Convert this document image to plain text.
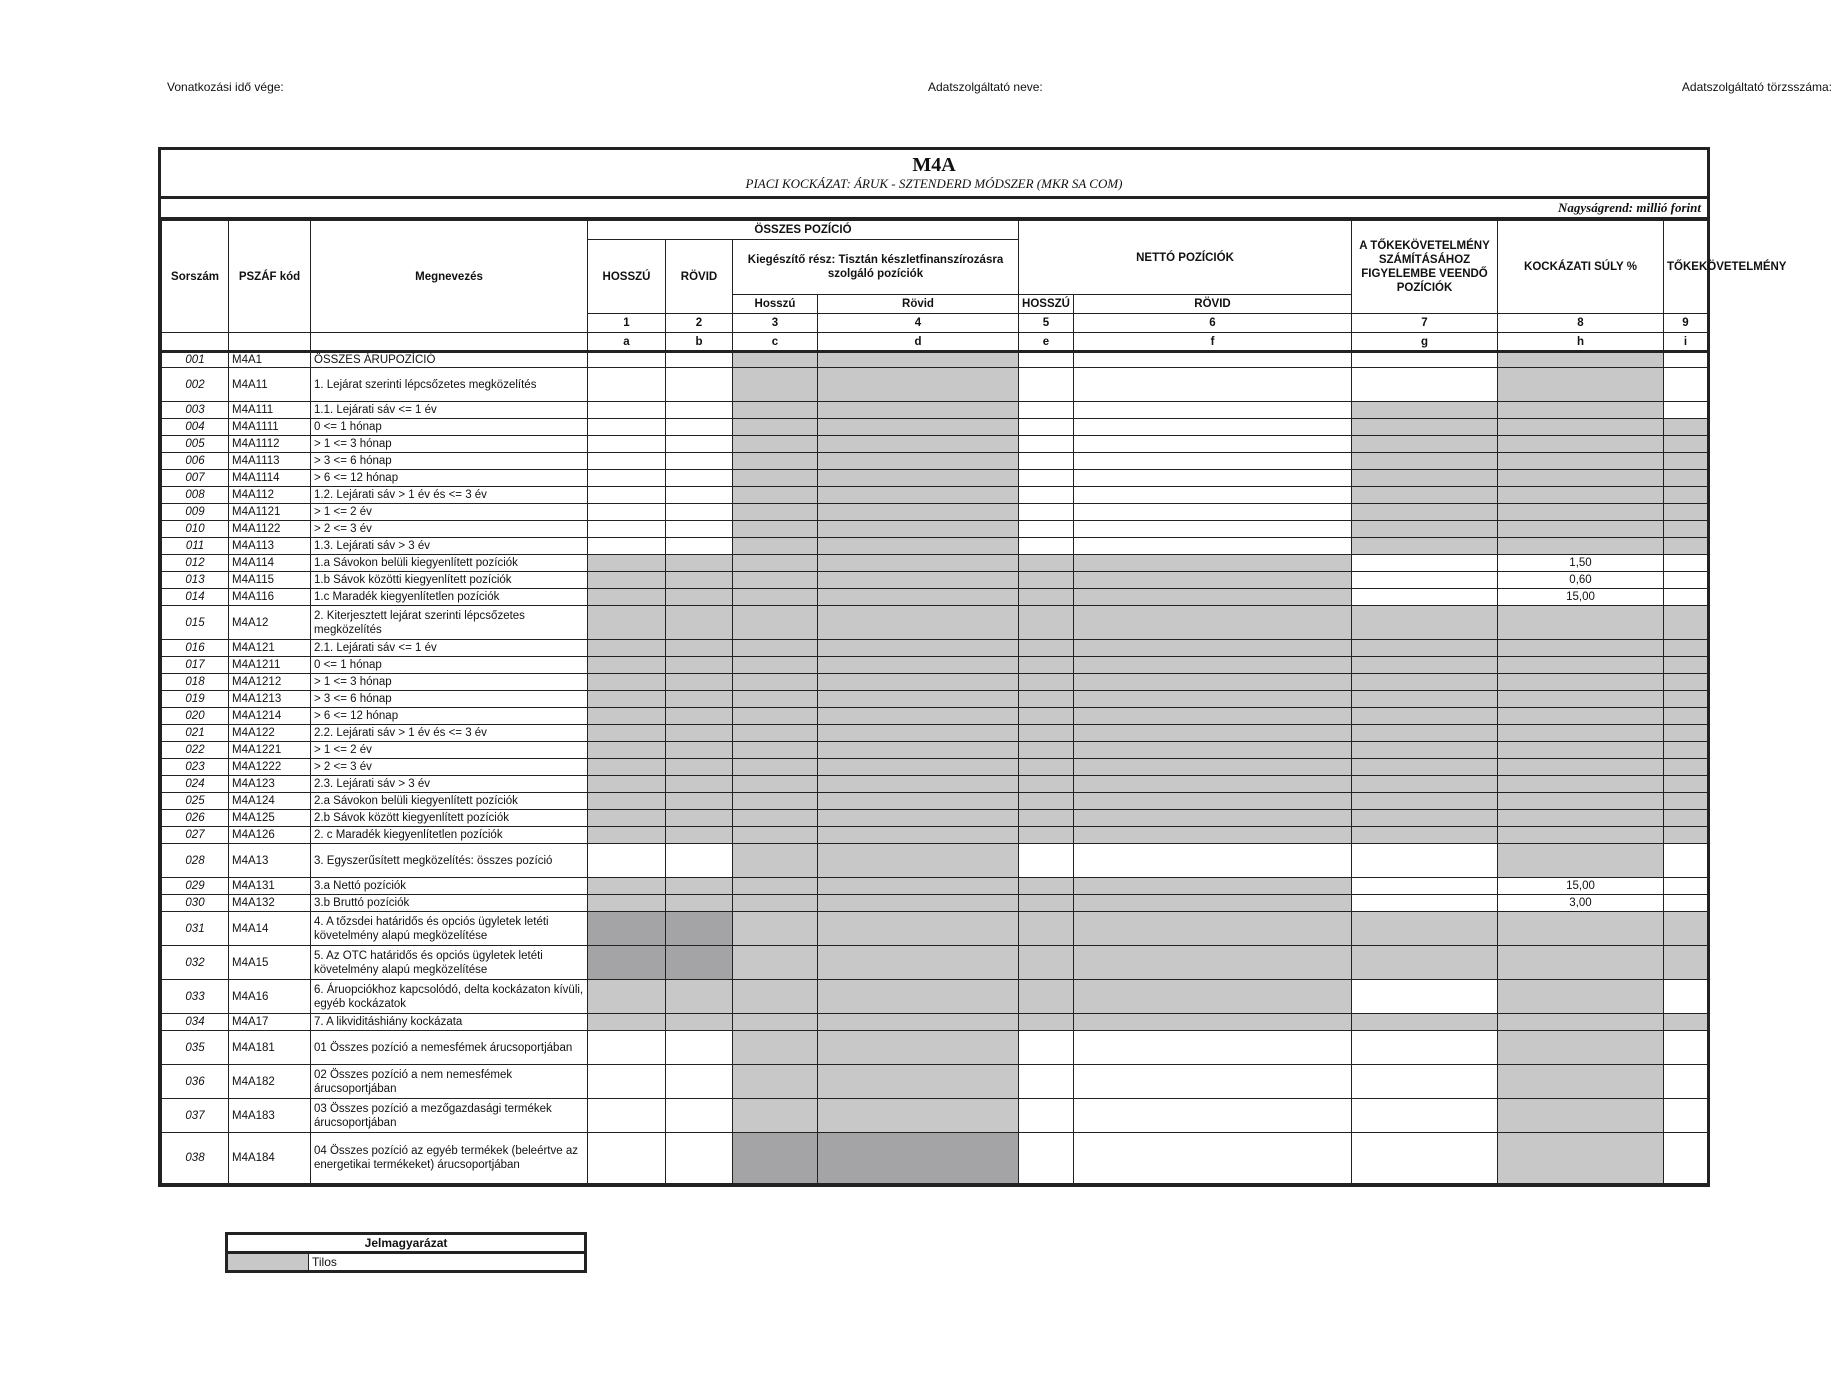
Vonatkozási idő vége:	Adatszolgáltató neve:	Adatszolgáltató törzsszáma:
M4A
PIACI KOCKÁZAT: ÁRUK - SZTENDERD MÓDSZER (MKR SA COM)
Nagyságrend: millió forint
Sorszám	PSZÁF kód	Megnevezés	ÖSSZES POZÍCIÓ				NETTÓ POZÍCIÓK		A TŐKEKÖVETELMÉNY SZÁMÍTÁSÁHOZ FIGYELEMBE VEENDŐ POZÍCIÓK	KOCKÁZATI SÚLY %	TŐKEKÖVETELMÉNY	
			HOSSZÚ	RÖVID	Kiegészítő rész: Tisztán készletfinanszírozásra szolgáló pozíciók							
					Hosszú	Rövid	HOSSZÚ	RÖVID				
			1	2	3	4	5	6	7	8	9	
			a	b	c	d	e	f	g	h	i	
001	M4A1	ÖSSZES ÁRUPOZÍCIÓ										
002	M4A11	1. Lejárat szerinti lépcsőzetes megközelítés										
003	M4A111	1.1. Lejárati sáv <= 1 év										
004	M4A1111	0 <= 1 hónap										
005	M4A1112	> 1 <= 3 hónap										
006	M4A1113	> 3 <= 6 hónap										
007	M4A1114	> 6 <= 12 hónap										
008	M4A112	1.2. Lejárati sáv > 1 év és <= 3 év										
009	M4A1121	> 1 <= 2 év										
010	M4A1122	> 2 <= 3 év										
011	M4A113	1.3. Lejárati sáv > 3 év										
012	M4A114	1.a Sávokon belüli kiegyenlített pozíciók								1,50		
013	M4A115	1.b Sávok közötti kiegyenlített pozíciók								0,60		
014	M4A116	1.c Maradék kiegyenlítetlen pozíciók								15,00		
015	M4A12	2. Kiterjesztett lejárat szerinti lépcsőzetes megközelítés										
016	M4A121	2.1. Lejárati sáv <= 1 év										
017	M4A1211	0 <= 1 hónap										
018	M4A1212	> 1 <= 3 hónap										
019	M4A1213	> 3 <= 6 hónap										
020	M4A1214	> 6 <= 12 hónap										
021	M4A122	2.2. Lejárati sáv > 1 év és <= 3 év										
022	M4A1221	> 1 <= 2 év										
023	M4A1222	> 2 <= 3 év										
024	M4A123	2.3. Lejárati sáv > 3 év										
025	M4A124	2.a Sávokon belüli kiegyenlített pozíciók										
026	M4A125	2.b Sávok között kiegyenlített pozíciók										
027	M4A126	2. c Maradék kiegyenlítetlen pozíciók										
028	M4A13	3. Egyszerűsített megközelítés: összes pozíció										
029	M4A131	3.a Nettó pozíciók								15,00		
030	M4A132	3.b Bruttó pozíciók								3,00		
031	M4A14	4. A tőzsdei határidős és opciós ügyletek letéti követelmény alapú megközelítése										
032	M4A15	5. Az OTC határidős és opciós ügyletek letéti követelmény alapú megközelítése										
033	M4A16	6. Áruopciókhoz kapcsolódó, delta kockázaton kívüli, egyéb kockázatok										
034	M4A17	7. A likviditáshiány kockázata										
035	M4A181	01 Összes pozíció a nemesfémek árucsoportjában										
036	M4A182	02 Összes pozíció a nem nemesfémek árucsoportjában										
037	M4A183	03 Összes pozíció a mezőgazdasági termékek árucsoportjában										
038	M4A184	04 Összes pozíció az egyéb termékek (beleértve az energetikai termékeket) árucsoportjában										
Jelmagyarázat
Tilos
